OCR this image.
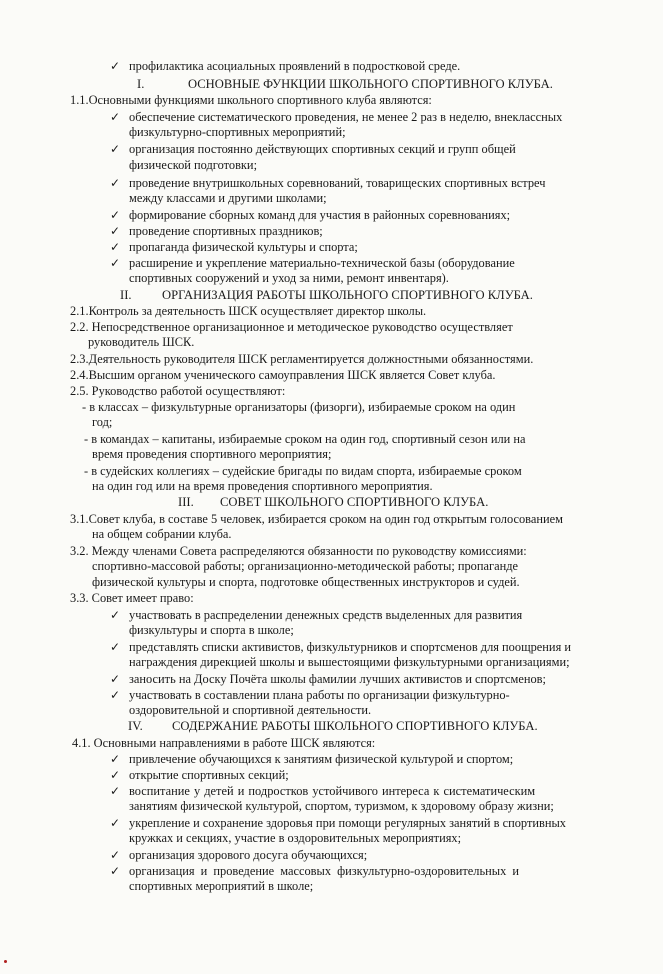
✓ профилактика асоциальных проявлений в подростковой среде.
I.	ОСНОВНЫЕ ФУНКЦИИ ШКОЛЬНОГО СПОРТИВНОГО КЛУБА.
1.1.Основными функциями школьного спортивного клуба являются:
✓ обеспечение систематического проведения, не менее 2 раз в неделю, внеклассных
физкультурно-спортивных мероприятий;
✓ организация постоянно действующих спортивных секций и групп общей
физической подготовки;
✓ проведение внутришкольных соревнований, товарищеских спортивных встреч
между классами и другими школами;
✓ формирование сборных команд для участия в районных соревнованиях;
✓ проведение спортивных праздников;
✓ пропаганда физической культуры и спорта;
✓ расширение и укрепление материально-технической базы (оборудование
спортивных сооружений и уход за ними, ремонт инвентаря).
II. ОРГАНИЗАЦИЯ РАБОТЫ ШКОЛЬНОГО СПОРТИВНОГО КЛУБА.
2.1.Контроль за деятельность ШСК осуществляет директор школы.
2.2. Непосредственное организационное и методическое руководство осуществляет
руководитель ШСК.
2.3.Деятельность руководителя ШСК регламентируется должностными обязанностями.
2.4.Высшим органом ученического самоуправления ШСК является Совет клуба.
2.5. Руководство работой осуществляют:
- в классах – физкультурные организаторы (физорги), избираемые сроком на один
год;
- в командах – капитаны, избираемые сроком на один год, спортивный сезон или на
время проведения спортивного мероприятия;
- в судейских коллегиях – судейские бригады по видам спорта, избираемые сроком
на один год или на время проведения спортивного мероприятия.
III. СОВЕТ ШКОЛЬНОГО СПОРТИВНОГО КЛУБА.
3.1.Совет клуба, в составе 5 человек, избирается сроком на один год открытым голосованием
на общем собрании клуба.
3.2. Между членами Совета распределяются обязанности по руководству комиссиями:
спортивно-массовой работы; организационно-методической работы; пропаганде
физической культуры и спорта, подготовке общественных инструкторов и судей.
3.3. Совет имеет право:
✓ участвовать в распределении денежных средств выделенных для развития
физкультуры и спорта в школе;
✓ представлять списки активистов, физкультурников и спортсменов для поощрения и
награждения дирекцией школы и вышестоящими физкультурными организациями;
✓ заносить на Доску Почёта школы фамилии лучших активистов и спортсменов;
✓ участвовать в составлении плана работы по организации физкультурно-
оздоровительной и спортивной деятельности.
IV. СОДЕРЖАНИЕ РАБОТЫ ШКОЛЬНОГО СПОРТИВНОГО КЛУБА.
4.1. Основными направлениями в работе ШСК являются:
✓ привлечение обучающихся к занятиям физической культурой и спортом;
✓ открытие спортивных секций;
✓ воспитание у детей и подростков устойчивого интереса к систематическим
занятиям физической культурой, спортом, туризмом, к здоровому образу жизни;
✓ укрепление и сохранение здоровья при помощи регулярных занятий в спортивных
кружках и секциях, участие в оздоровительных мероприятиях;
✓ организация здорового досуга обучающихся;
✓ организация и проведение массовых физкультурно-оздоровительных и
спортивных мероприятий в школе;
